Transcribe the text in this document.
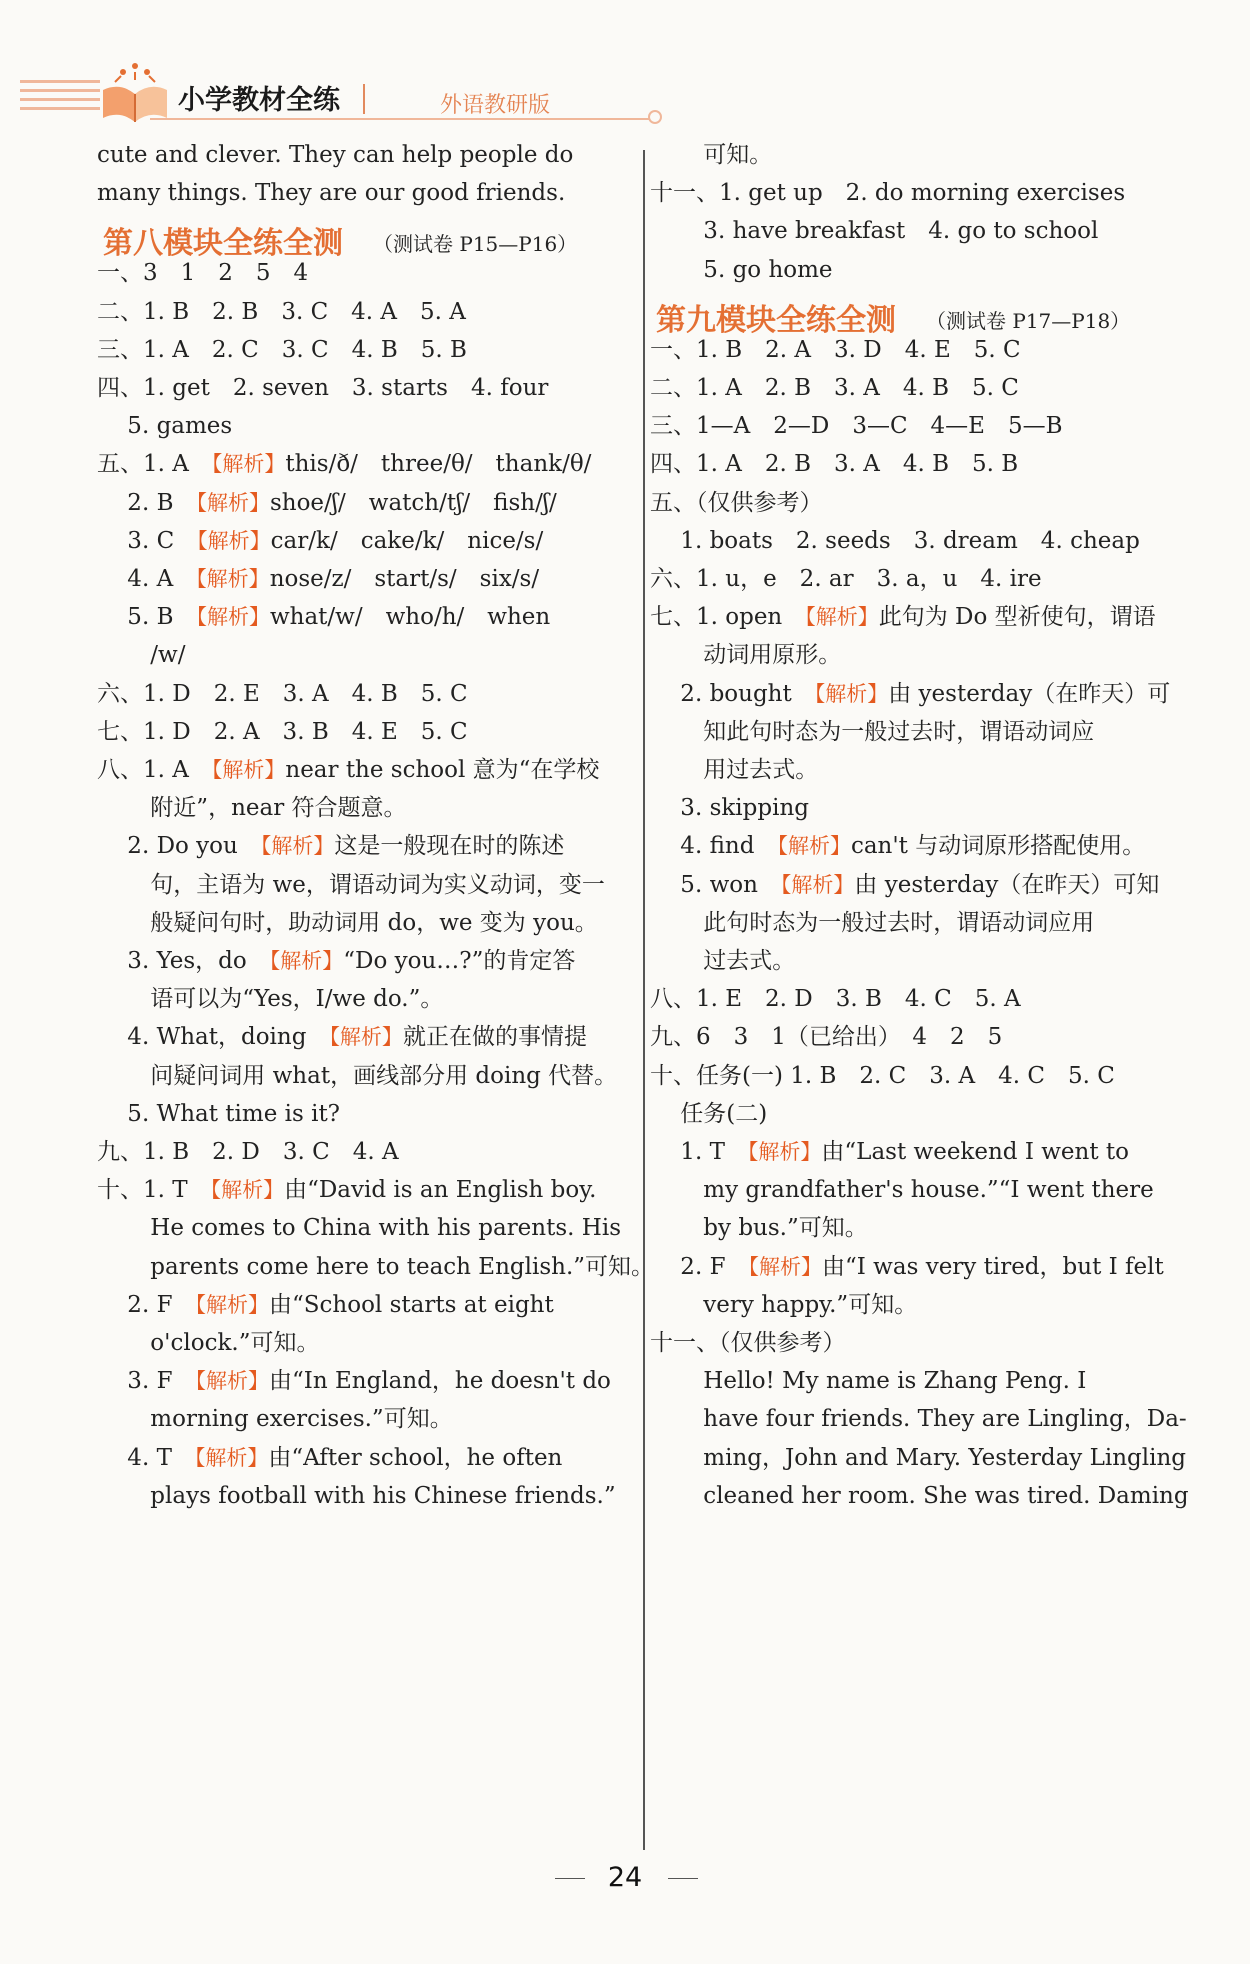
小学教材全练	外语教研版
cute and clever. They can help people do
many things. They are our good friends.
第八模块全练全测 （测试卷 P15—P16）
一、3　1　2　5　4
二、1. B　2. B　3. C　4. A　5. A
三、1. A　2. C　3. C　4. B　5. B
四、1. get　2. seven　3. starts　4. four
　 5. games
五、1. A　【解析】this/ð/　three/θ/　thank/θ/
　 2. B　【解析】shoe/ʃ/　watch/tʃ/　fish/ʃ/
　 3. C　【解析】car/k/　cake/k/　nice/s/
　 4. A　【解析】nose/z/　start/s/　six/s/
　 5. B　【解析】what/w/　who/h/　when
　　 /w/
六、1. D　2. E　3. A　4. B　5. C
七、1. D　2. A　3. B　4. E　5. C
八、1. A　【解析】near the school 意为“在学校
　　 附近”，near 符合题意。
　 2. Do you　【解析】这是一般现在时的陈述
　　 句，主语为 we，谓语动词为实义动词，变一
　　 般疑问句时，助动词用 do，we 变为 you。
　 3. Yes，do　【解析】“Do you…?”的肯定答
　　 语可以为“Yes，I/we do.”。
　 4. What，doing　【解析】就正在做的事情提
　　 问疑问词用 what，画线部分用 doing 代替。
　 5. What time is it?
九、1. B　2. D　3. C　4. A
十、1. T　【解析】由“David is an English boy.
　　 He comes to China with his parents. His
　　 parents come here to teach English.”可知。
　 2. F　【解析】由“School starts at eight
　　 o'clock.”可知。
　 3. F　【解析】由“In England，he doesn't do
　　 morning exercises.”可知。
　 4. T　【解析】由“After school，he often
　　 plays football with his Chinese friends.”
　　 可知。
十一、1. get up　2. do morning exercises
　　 3. have breakfast　4. go to school
　　 5. go home
第九模块全练全测 （测试卷 P17—P18）
一、1. B　2. A　3. D　4. E　5. C
二、1. A　2. B　3. A　4. B　5. C
三、1—A　2—D　3—C　4—E　5—B
四、1. A　2. B　3. A　4. B　5. B
五、（仅供参考）
　 1. boats　2. seeds　3. dream　4. cheap
六、1. u，e　2. ar　3. a，u　4. ire
七、1. open　【解析】此句为 Do 型祈使句，谓语
　　 动词用原形。
　 2. bought　【解析】由 yesterday（在昨天）可
　　 知此句时态为一般过去时，谓语动词应
　　 用过去式。
　 3. skipping
　 4. find　【解析】can't 与动词原形搭配使用。
　 5. won　【解析】由 yesterday（在昨天）可知
　　 此句时态为一般过去时，谓语动词应用
　　 过去式。
八、1. E　2. D　3. B　4. C　5. A
九、6　3　1（已给出）　4　2　5
十、任务(一) 1. B　2. C　3. A　4. C　5. C
　 任务(二)
　 1. T　【解析】由“Last weekend I went to
　　 my grandfather's house.”“I went there
　　 by bus.”可知。
　 2. F　【解析】由“I was very tired，but I felt
　　 very happy.”可知。
十一、（仅供参考）
　　 Hello! My name is Zhang Peng. I
　　 have four friends. They are Lingling，Da-
　　 ming，John and Mary. Yesterday Lingling
　　 cleaned her room. She was tired. Daming
24
